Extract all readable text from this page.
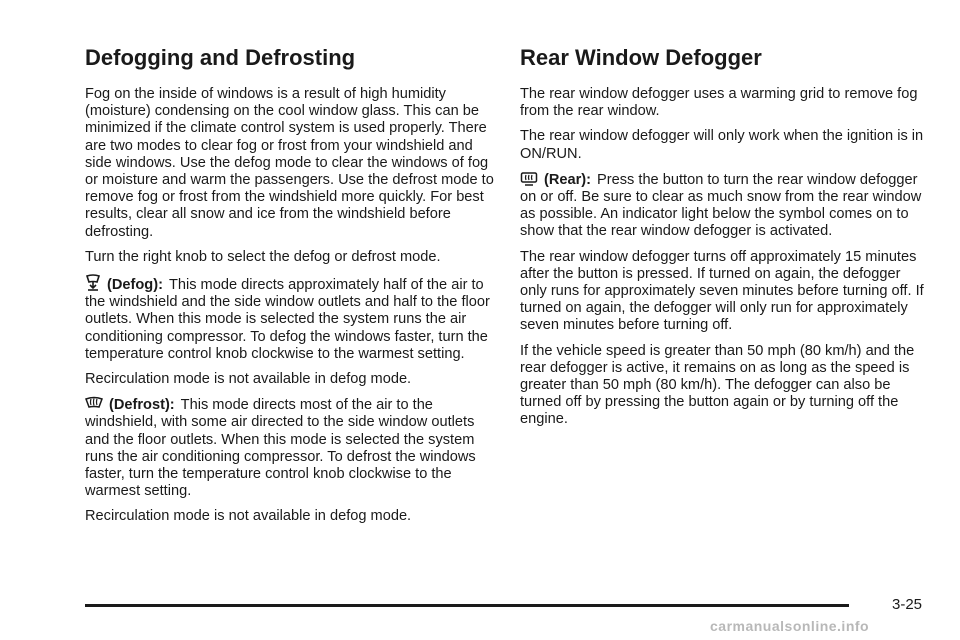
Defogging and Defrosting

Fog on the inside of windows is a result of high humidity (moisture) condensing on the cool window glass. This can be minimized if the climate control system is used properly. There are two modes to clear fog or frost from your windshield and side windows. Use the defog mode to clear the windows of fog or moisture and warm the passengers. Use the defrost mode to remove fog or frost from the windshield more quickly. For best results, clear all snow and ice from the windshield before defrosting.

Turn the right knob to select the defog or defrost mode.

(Defog): This mode directs approximately half of the air to the windshield and the side window outlets and half to the floor outlets. When this mode is selected the system runs the air conditioning compressor. To defog the windows faster, turn the temperature control knob clockwise to the warmest setting.

Recirculation mode is not available in defog mode.

(Defrost): This mode directs most of the air to the windshield, with some air directed to the side window outlets and the floor outlets. When this mode is selected the system runs the air conditioning compressor. To defrost the windows faster, turn the temperature control knob clockwise to the warmest setting.

Recirculation mode is not available in defog mode.

Rear Window Defogger

The rear window defogger uses a warming grid to remove fog from the rear window.

The rear window defogger will only work when the ignition is in ON/RUN.

(Rear): Press the button to turn the rear window defogger on or off. Be sure to clear as much snow from the rear window as possible. An indicator light below the symbol comes on to show that the rear window defogger is activated.

The rear window defogger turns off approximately 15 minutes after the button is pressed. If turned on again, the defogger only runs for approximately seven minutes before turning off. If turned on again, the defogger will only run for approximately seven minutes before turning off.

If the vehicle speed is greater than 50 mph (80 km/h) and the rear defogger is active, it remains on as long as the speed is greater than 50 mph (80 km/h). The defogger can also be turned off by pressing the button again or by turning off the engine.

3-25
carmanualsonline.info
